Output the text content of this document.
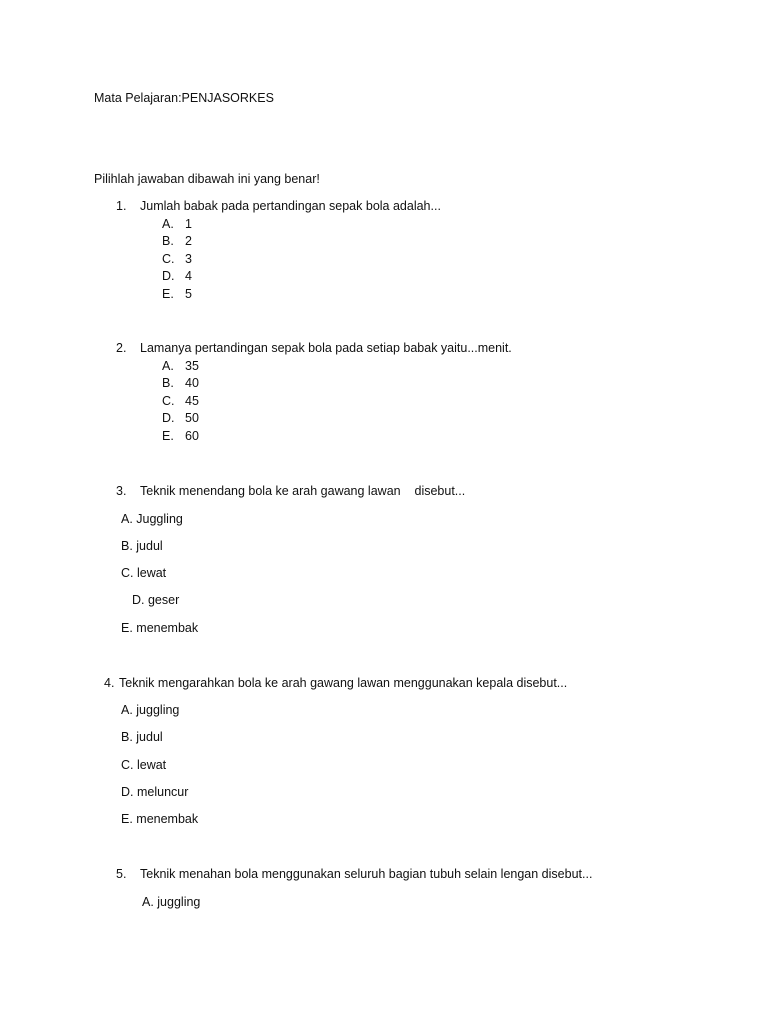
Mata Pelajaran:PENJASORKES
Pilihlah jawaban dibawah ini yang benar!
1. Jumlah babak pada pertandingan sepak bola adalah...
A. 1
B. 2
C. 3
D. 4
E. 5
2. Lamanya pertandingan sepak bola pada setiap babak yaitu...menit.
A. 35
B. 40
C. 45
D. 50
E. 60
3. Teknik menendang bola ke arah gawang lawan    disebut...
A. Juggling
B. judul
C. lewat
D. geser
E. menembak
4. Teknik mengarahkan bola ke arah gawang lawan menggunakan kepala disebut...
A. juggling
B. judul
C. lewat
D. meluncur
E. menembak
5. Teknik menahan bola menggunakan seluruh bagian tubuh selain lengan disebut...
A. juggling
